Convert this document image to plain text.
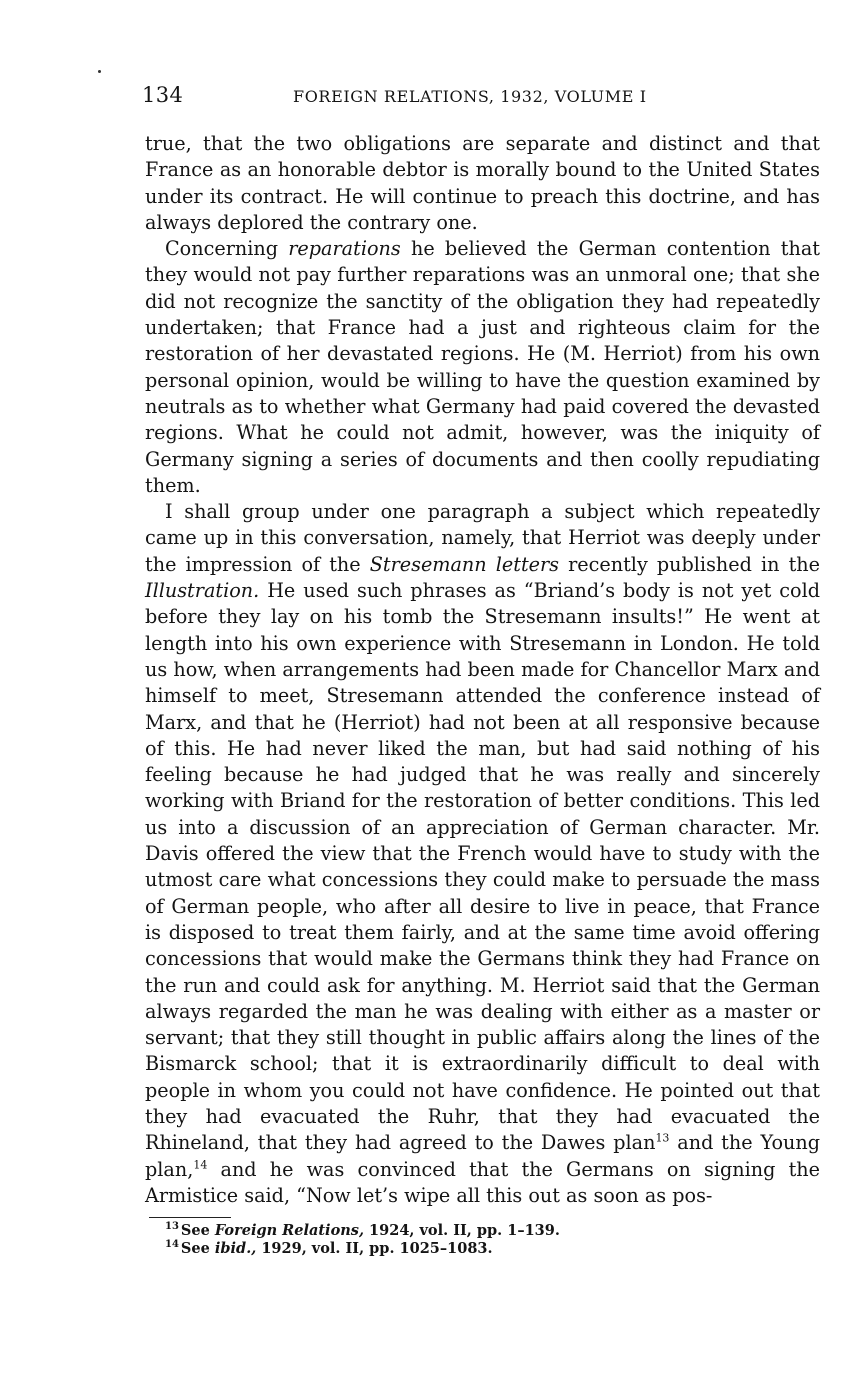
134	FOREIGN RELATIONS, 1932, VOLUME I

true, that the two obligations are separate and distinct and that France as an honorable debtor is morally bound to the United States under its contract. He will continue to preach this doctrine, and has always deplored the contrary one.

Concerning reparations he believed the German contention that they would not pay further reparations was an unmoral one; that she did not recognize the sanctity of the obligation they had repeatedly undertaken; that France had a just and righteous claim for the restoration of her devastated regions. He (M. Herriot) from his own personal opinion, would be willing to have the question examined by neutrals as to whether what Germany had paid covered the devasted regions. What he could not admit, however, was the iniquity of Germany signing a series of documents and then coolly repudiating them.

I shall group under one paragraph a subject which repeatedly came up in this conversation, namely, that Herriot was deeply under the impression of the Stresemann letters recently published in the Illustration. He used such phrases as “Briand’s body is not yet cold before they lay on his tomb the Stresemann insults!” He went at length into his own experience with Stresemann in London. He told us how, when arrangements had been made for Chancellor Marx and himself to meet, Stresemann attended the conference instead of Marx, and that he (Herriot) had not been at all responsive because of this. He had never liked the man, but had said nothing of his feeling because he had judged that he was really and sincerely working with Briand for the restoration of better conditions. This led us into a discussion of an appreciation of German character. Mr. Davis offered the view that the French would have to study with the utmost care what concessions they could make to persuade the mass of German people, who after all desire to live in peace, that France is disposed to treat them fairly, and at the same time avoid offering concessions that would make the Germans think they had France on the run and could ask for anything. M. Herriot said that the German always regarded the man he was dealing with either as a master or servant; that they still thought in public affairs along the lines of the Bismarck school; that it is extraordinarily difficult to deal with people in whom you could not have confidence. He pointed out that they had evacuated the Ruhr, that they had evacuated the Rhineland, that they had agreed to the Dawes plan$^{13}$ and the Young plan,$^{14}$ and he was convinced that the Germans on signing the Armistice said, “Now let’s wipe all this out as soon as pos-

$^{13}$ See Foreign Relations, 1924, vol. II, pp. 1–139.

$^{14}$ See ibid., 1929, vol. II, pp. 1025–1083.
